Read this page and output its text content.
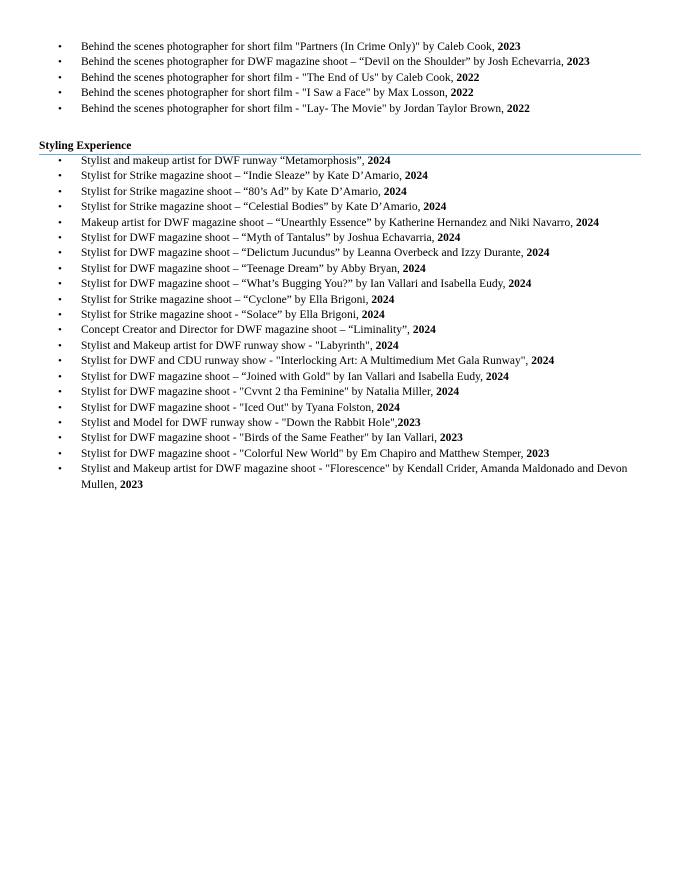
•	Behind the scenes photographer for short film "Partners (In Crime Only)" by Caleb Cook, 2023
•	Behind the scenes photographer for DWF magazine shoot – “Devil on the Shoulder” by Josh Echevarria, 2023
•	Behind the scenes photographer for short film - "The End of Us" by Caleb Cook, 2022
•	Behind the scenes photographer for short film - "I Saw a Face" by Max Losson, 2022
•	Behind the scenes photographer for short film - "Lay- The Movie" by Jordan Taylor Brown, 2022
Styling Experience
•	Stylist and makeup artist for DWF runway “Metamorphosis”, 2024
•	Stylist for Strike magazine shoot – “Indie Sleaze” by Kate D’Amario, 2024
•	Stylist for Strike magazine shoot – “80’s Ad” by Kate D’Amario, 2024
•	Stylist for Strike magazine shoot – “Celestial Bodies” by Kate D’Amario, 2024
•	Makeup artist for DWF magazine shoot – “Unearthly Essence” by Katherine Hernandez and Niki Navarro, 2024
•	Stylist for DWF magazine shoot – “Myth of Tantalus” by Joshua Echavarria, 2024
•	Stylist for DWF magazine shoot – “Delictum Jucundus” by Leanna Overbeck and Izzy Durante, 2024
•	Stylist for DWF magazine shoot – “Teenage Dream” by Abby Bryan, 2024
•	Stylist for DWF magazine shoot – “What’s Bugging You?” by Ian Vallari and Isabella Eudy, 2024
•	Stylist for Strike magazine shoot – “Cyclone” by Ella Brigoni, 2024
•	Stylist for Strike magazine shoot - “Solace” by Ella Brigoni, 2024
•	Concept Creator and Director for DWF magazine shoot – “Liminality”, 2024
•	Stylist and Makeup artist for DWF runway show - "Labyrinth", 2024
•	Stylist for DWF and CDU runway show - "Interlocking Art: A Multimedium Met Gala Runway", 2024
•	Stylist for DWF magazine shoot – “Joined with Gold" by Ian Vallari and Isabella Eudy, 2024
•	Stylist for DWF magazine shoot - "Cvvnt 2 tha Feminine" by Natalia Miller, 2024
•	Stylist for DWF magazine shoot - "Iced Out" by Tyana Folston, 2024
•	Stylist and Model for DWF runway show - "Down the Rabbit Hole",2023
•	Stylist for DWF magazine shoot - "Birds of the Same Feather" by Ian Vallari, 2023
•	Stylist for DWF magazine shoot - "Colorful New World" by Em Chapiro and Matthew Stemper, 2023
•	Stylist and Makeup artist for DWF magazine shoot - "Florescence" by Kendall Crider, Amanda Maldonado and Devon Mullen, 2023
